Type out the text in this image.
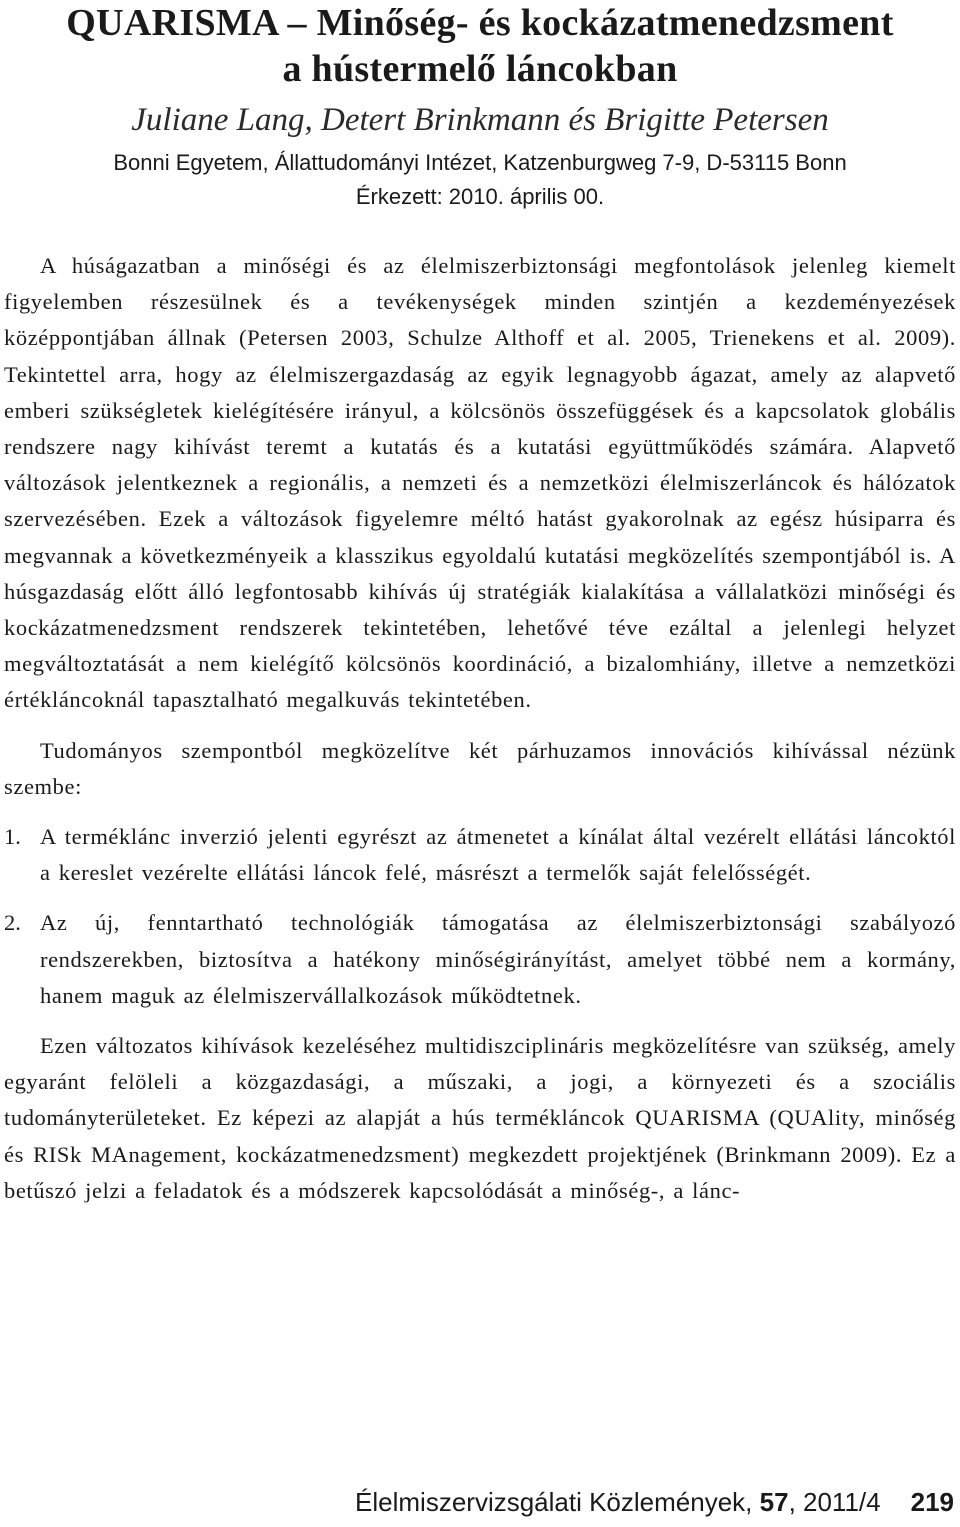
QUARISMA – Minőség- és kockázatmenedzsment
a hústermelő láncokban
Juliane Lang, Detert Brinkmann és Brigitte Petersen
Bonni Egyetem, Állattudományi Intézet, Katzenburgweg 7-9, D-53115 Bonn
Érkezett: 2010. április 00.

A húságazatban a minőségi és az élelmiszerbiztonsági megfontolások jelenleg kiemelt figyelemben részesülnek és a tevékenységek minden szintjén a kezdeményezések középpontjában állnak (Petersen 2003, Schulze Althoff et al. 2005, Trienekens et al. 2009). Tekintettel arra, hogy az élelmiszergazdaság az egyik legnagyobb ágazat, amely az alapvető emberi szükségletek kielégítésére irányul, a kölcsönös összefüggések és a kapcsolatok globális rendszere nagy kihívást teremt a kutatás és a kutatási együttműködés számára. Alapvető változások jelentkeznek a regionális, a nemzeti és a nemzetközi élelmiszerláncok és hálózatok szervezésében. Ezek a változások figyelemre méltó hatást gyakorolnak az egész húsiparra és megvannak a következményeik a klasszikus egyoldalú kutatási megközelítés szempontjából is. A húsgazdaság előtt álló legfontosabb kihívás új stratégiák kialakítása a vállalatközi minőségi és kockázatmenedzsment rendszerek tekintetében, lehetővé téve ezáltal a jelenlegi helyzet megváltoztatását a nem kielégítő kölcsönös koordináció, a bizalomhiány, illetve a nemzetközi értékláncoknál tapasztalható megalkuvás tekintetében.

Tudományos szempontból megközelítve két párhuzamos innovációs kihívással nézünk szembe:

1. A terméklánc inverzió jelenti egyrészt az átmenetet a kínálat által vezérelt ellátási láncoktól a kereslet vezérelte ellátási láncok felé, másrészt a termelők saját felelősségét.
2. Az új, fenntartható technológiák támogatása az élelmiszerbiztonsági szabályozó rendszerekben, biztosítva a hatékony minőségirányítást, amelyet többé nem a kormány, hanem maguk az élelmiszervállalkozások működtetnek.

Ezen változatos kihívások kezeléséhez multidiszciplináris megközelítésre van szükség, amely egyaránt felöleli a közgazdasági, a műszaki, a jogi, a környezeti és a szociális tudományterületeket. Ez képezi az alapját a hús termékláncok QUARISMA (QUAlity, minőség és RISk MAnagement, kockázatmenedzsment) megkezdett projektjének (Brinkmann 2009). Ez a betűszó jelzi a feladatok és a módszerek kapcsolódását a minőség-, a lánc-

Élelmiszervizsgálati Közlemények, 57, 2011/4 219
